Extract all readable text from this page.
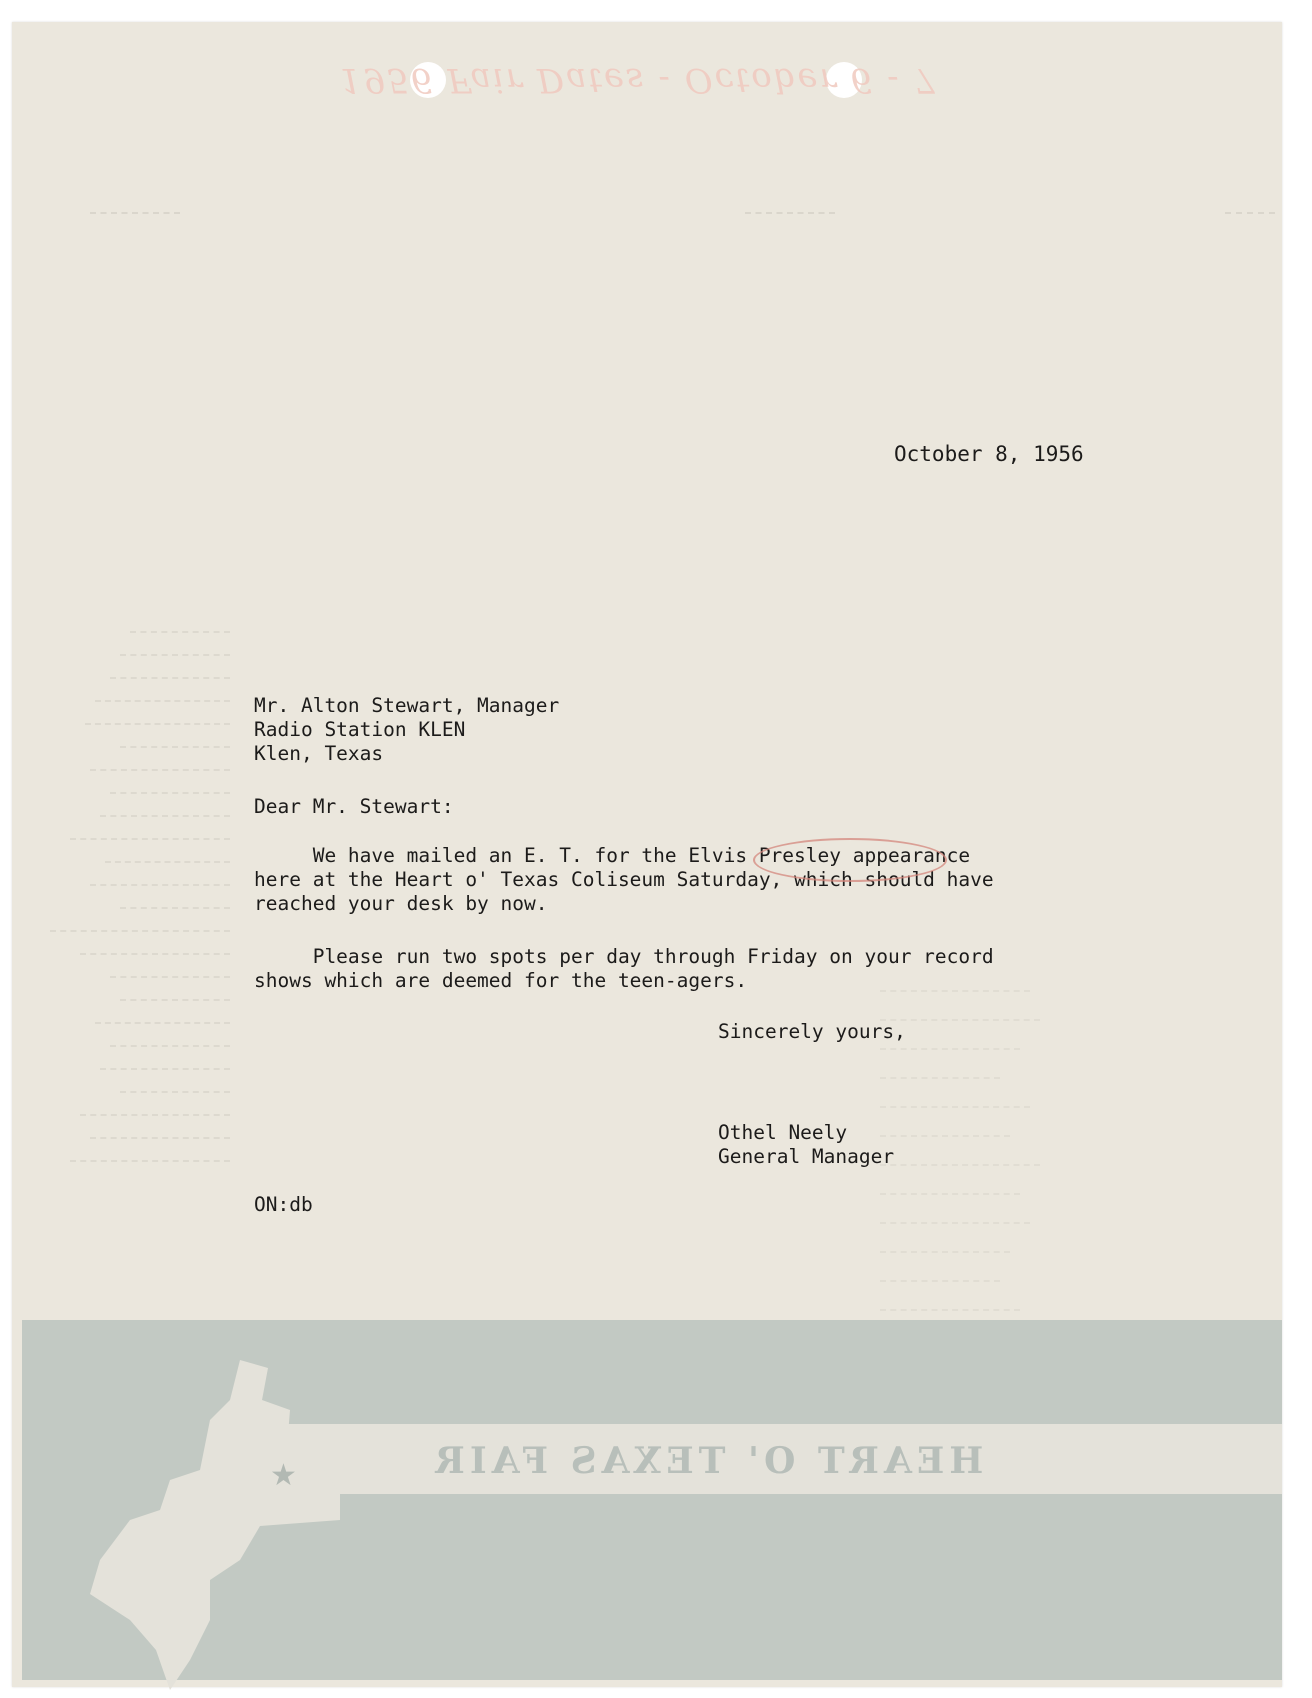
1956 Fair Dates - October 6 - 7
October 8, 1956
Mr. Alton Stewart, Manager
Radio Station KLEN
Klen, Texas
Dear Mr. Stewart:
We have mailed an E. T. for the Elvis Presley appearance
here at the Heart o' Texas Coliseum Saturday, which should have
reached your desk by now.
Please run two spots per day through Friday on your record
shows which are deemed for the teen-agers.
Sincerely yours,
Othel Neely
General Manager
ON:db
★	HEART O' TEXAS FAIR
